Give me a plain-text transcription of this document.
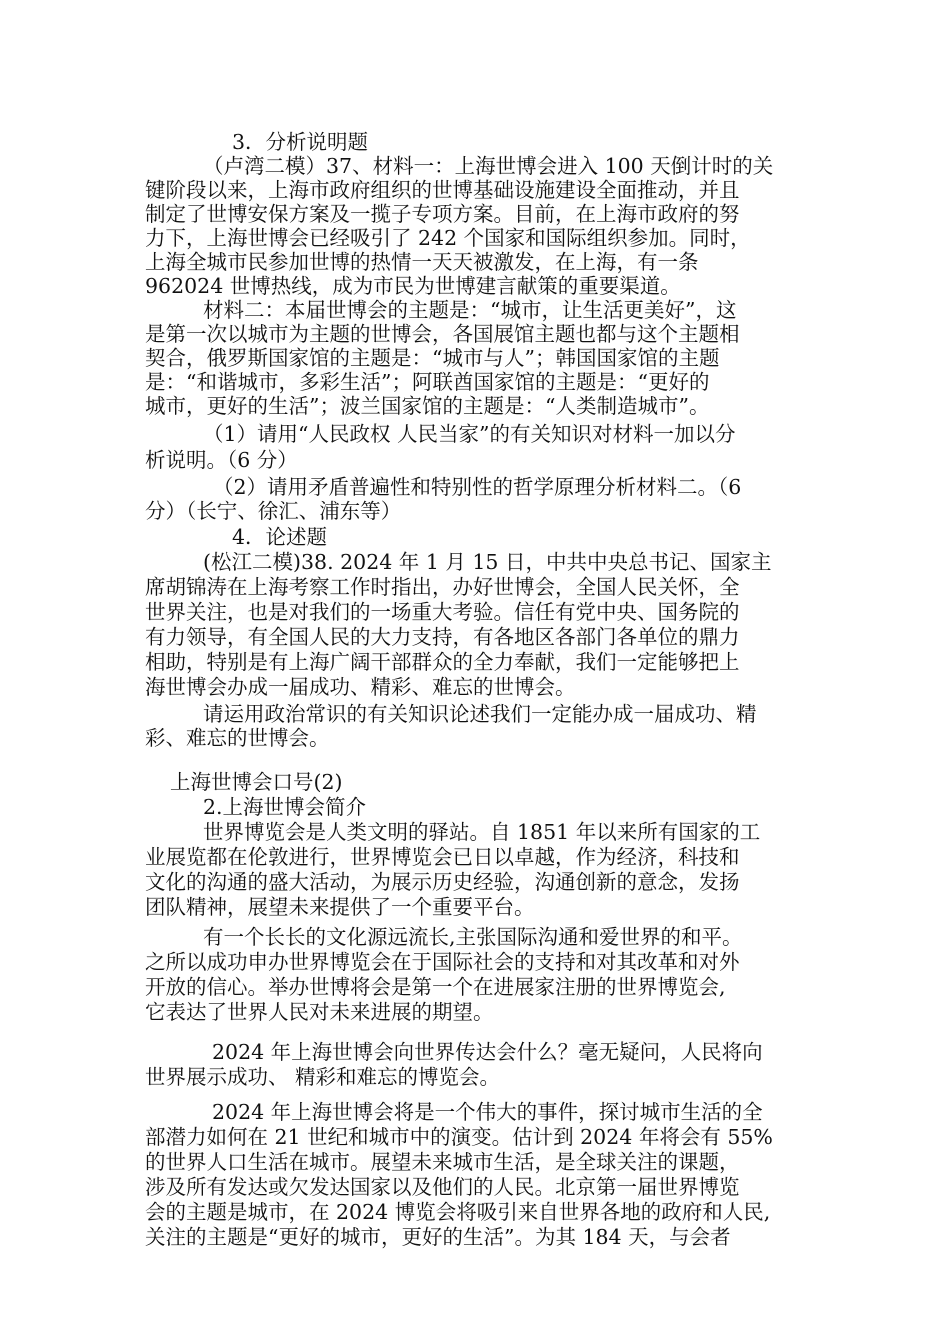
3．分析说明题
（卢湾二模）37、材料一：上海世博会进入 100 天倒计时的关
键阶段以来，上海市政府组织的世博基础设施建设全面推动，并且
制定了世博安保方案及一揽子专项方案。目前，在上海市政府的努
力下，上海世博会已经吸引了 242 个国家和国际组织参加。同时，
上海全城市民参加世博的热情一天天被激发，在上海，有一条
962024 世博热线，成为市民为世博建言献策的重要渠道。
材料二：本届世博会的主题是：“城市，让生活更美好”，这
是第一次以城市为主题的世博会，各国展馆主题也都与这个主题相
契合，俄罗斯国家馆的主题是：“城市与人”；韩国国家馆的主题
是：“和谐城市，多彩生活”；阿联酋国家馆的主题是：“更好的
城市，更好的生活”；波兰国家馆的主题是：“人类制造城市”。
（1）请用“人民政权 人民当家”的有关知识对材料一加以分
析说明。（6 分）
（2）请用矛盾普遍性和特别性的哲学原理分析材料二。（6
分）（长宁、徐汇、浦东等）
4．论述题
(松江二模)38. 2024 年 1 月 15 日，中共中央总书记、国家主
席胡锦涛在上海考察工作时指出，办好世博会，全国人民关怀，全
世界关注，也是对我们的一场重大考验。信任有党中央、国务院的
有力领导，有全国人民的大力支持，有各地区各部门各单位的鼎力
相助，特别是有上海广阔干部群众的全力奉献，我们一定能够把上
海世博会办成一届成功、精彩、难忘的世博会。
请运用政治常识的有关知识论述我们一定能办成一届成功、精
彩、难忘的世博会。
上海世博会口号(2)
2.上海世博会简介
世界博览会是人类文明的驿站。自 1851 年以来所有国家的工
业展览都在伦敦进行，世界博览会已日以卓越，作为经济，科技和
文化的沟通的盛大活动，为展示历史经验，沟通创新的意念，发扬
团队精神，展望未来提供了一个重要平台。
有一个长长的文化源远流长,主张国际沟通和爱世界的和平。
之所以成功申办世界博览会在于国际社会的支持和对其改革和对外
开放的信心。举办世博将会是第一个在进展家注册的世界博览会,
它表达了世界人民对未来进展的期望。
2024 年上海世博会向世界传达会什么？毫无疑问，人民将向
世界展示成功、 精彩和难忘的博览会。
2024 年上海世博会将是一个伟大的事件，探讨城市生活的全
部潜力如何在 21 世纪和城市中的演变。估计到 2024 年将会有 55%
的世界人口生活在城市。展望未来城市生活，是全球关注的课题，
涉及所有发达或欠发达国家以及他们的人民。北京第一届世界博览
会的主题是城市，在 2024 博览会将吸引来自世界各地的政府和人民,
关注的主题是“更好的城市，更好的生活”。为其 184 天，与会者
